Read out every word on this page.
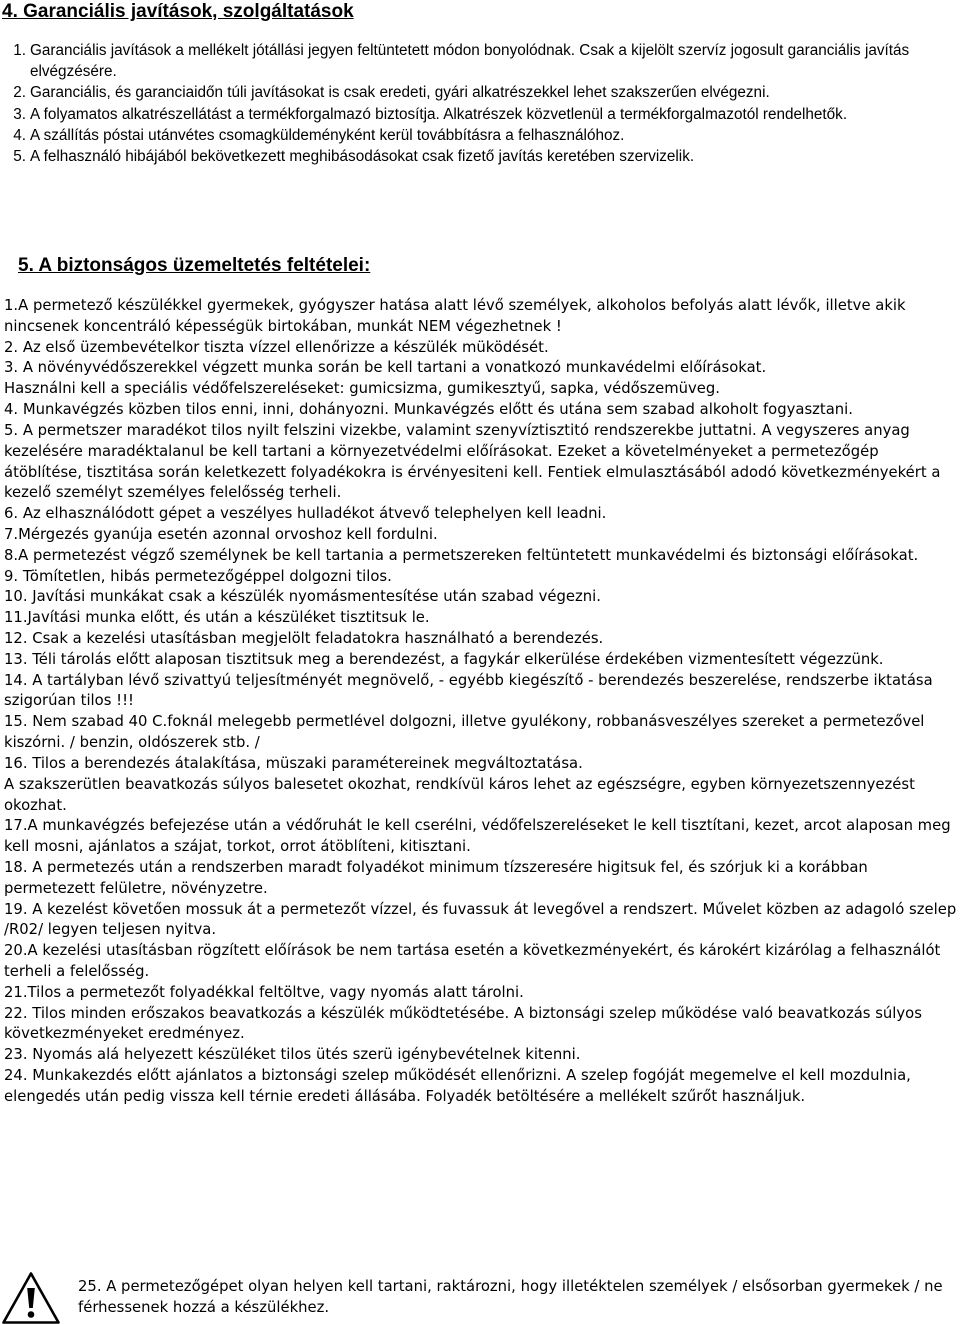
4. Garanciális javítások, szolgáltatások
1. Garanciális javítások a mellékelt jótállási jegyen feltüntetett módon bonyolódnak. Csak a kijelölt szervíz jogosult garanciális javítás elvégzésére.
2. Garanciális, és garanciaidőn túli javításokat is csak eredeti, gyári alkatrészekkel lehet szakszerűen elvégezni.
3. A folyamatos alkatrészellátást a termékforgalmazó biztosítja. Alkatrészek közvetlenül a termékforgalmazotól rendelhetők.
4. A szállítás póstai utánvétes csomagküldeményként kerül továbbításra a felhasználóhoz.
5. A felhasználó hibájából bekövetkezett meghibásodásokat csak fizető javítás keretében szervizelik.
5. A biztonságos üzemeltetés feltételei:

1.A permetező készülékkel gyermekek, gyógyszer hatása alatt lévő személyek, alkoholos befolyás alatt lévők, illetve akik nincsenek koncentráló képességük birtokában, munkát NEM végezhetnek !

2. Az első üzembevételkor tiszta vízzel ellenőrizze a készülék müködését.

3. A növényvédőszerekkel végzett munka során be kell tartani a vonatkozó munkavédelmi előírásokat.

Használni kell a speciális védőfelszereléseket: gumicsizma, gumikesztyű, sapka, védőszemüveg.

4. Munkavégzés közben tilos enni, inni, dohányozni. Munkavégzés előtt és utána sem szabad alkoholt fogyasztani.

5. A permetszer maradékot tilos nyilt felszini vizekbe, valamint szenyvíztisztitó rendszerekbe juttatni. A vegyszeres anyag kezelésére maradéktalanul be kell tartani a környezetvédelmi előírásokat. Ezeket a követelményeket a permetezőgép átöblítése, tisztitása során keletkezett folyadékokra is érvényesiteni kell. Fentiek elmulasztásából adodó következményekért a kezelő személyt személyes felelősség terheli.

6. Az elhasználódott gépet a veszélyes hulladékot átvevő telephelyen kell leadni.

7.Mérgezés gyanúja esetén azonnal orvoshoz kell fordulni.

8.A permetezést végző személynek be kell tartania a permetszereken feltüntetett munkavédelmi és biztonsági előírásokat.

9. Tömítetlen, hibás permetezőgéppel dolgozni tilos.

10. Javítási munkákat csak a készülék nyomásmentesítése után szabad végezni.

11.Javítási munka előtt, és után a készüléket tisztitsuk le.

12. Csak a kezelési utasításban megjelölt feladatokra használható a berendezés.

13. Téli tárolás előtt alaposan tisztitsuk meg a berendezést, a fagykár elkerülése érdekében vizmentesített végezzünk.

14. A tartályban lévő szivattyú teljesítményét megnövelő, - egyébb kiegészítő - berendezés beszerelése, rendszerbe iktatása szigorúan tilos !!!

15. Nem szabad 40 C.foknál melegebb permetlével dolgozni, illetve gyulékony, robbanásveszélyes szereket a permetezővel kiszórni. / benzin, oldószerek stb. /

16. Tilos a berendezés átalakítása, müszaki paramétereinek megváltoztatása.

A szakszerütlen beavatkozás súlyos balesetet okozhat, rendkívül káros lehet az egészségre, egyben környezetszennyezést okozhat.

17.A munkavégzés befejezése után a védőruhát le kell cserélni, védőfelszereléseket le kell tisztítani, kezet, arcot alaposan meg kell mosni, ajánlatos a szájat, torkot, orrot átöblíteni, kitisztani.

18. A permetezés után a rendszerben maradt folyadékot minimum tízszeresére higitsuk fel, és szórjuk ki a korábban permetezett felületre, növényzetre.

19. A kezelést követően mossuk át a permetezőt vízzel, és fuvassuk át levegővel a rendszert. Művelet közben az adagoló szelep /R02/ legyen teljesen nyitva.

20.A kezelési utasításban rögzített előírások be nem tartása esetén a következményekért, és károkért kizárólag a felhasználót terheli a felelősség.

21.Tilos a permetezőt folyadékkal feltöltve, vagy nyomás alatt tárolni.

22. Tilos minden erőszakos beavatkozás a készülék működtetésébe. A biztonsági szelep működése való beavatkozás súlyos következményeket eredményez.

23. Nyomás alá helyezett készüléket tilos ütés szerü igénybevételnek kitenni.

24. Munkakezdés előtt ajánlatos a biztonsági szelep működését ellenőrizni. A szelep fogóját megemelve el kell mozdulnia, elengedés után pedig vissza kell térnie eredeti állásába. Folyadék betöltésére a mellékelt szűrőt használjuk.

25. A permetezőgépet olyan helyen kell tartani, raktározni, hogy illetéktelen személyek / elsősorban gyermekek / ne férhessenek hozzá a készülékhez.
